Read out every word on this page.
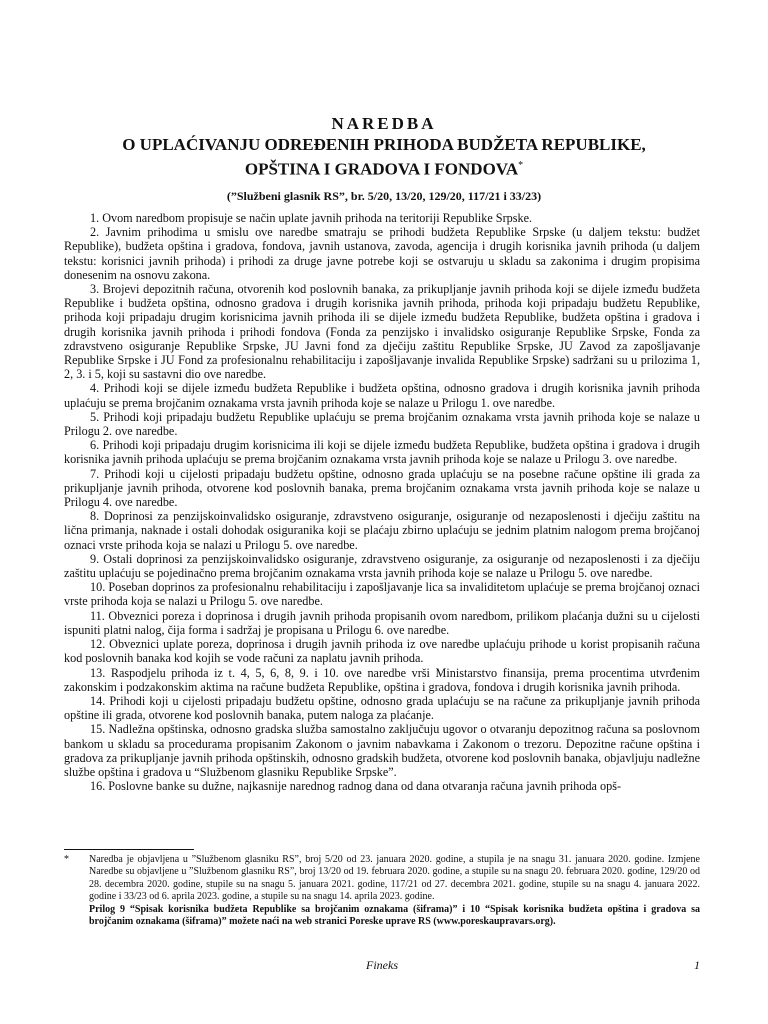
NAREDBA
O UPLAĆIVANJU ODREĐENIH PRIHODA BUDŽETA REPUBLIKE,
OPŠTINA I GRADOVA I FONDOVA*
(”Službeni glasnik RS”, br. 5/20, 13/20, 129/20, 117/21 i 33/23)

1. Ovom naredbom propisuje se način uplate javnih prihoda na teritoriji Republike Srpske.

2. Javnim prihodima u smislu ove naredbe smatraju se prihodi budžeta Republike Srpske (u daljem tekstu: budžet Republike), budžeta opština i gradova, fondova, javnih ustanova, zavoda, agencija i drugih korisnika javnih prihoda (u daljem tekstu: korisnici javnih prihoda) i prihodi za druge javne potrebe koji se ostvaruju u skladu sa zakonima i drugim propisima donesenim na osnovu zakona.

3. Brojevi depozitnih računa, otvorenih kod poslovnih banaka, za prikupljanje javnih prihoda koji se dijele između budžeta Republike i budžeta opština, odnosno gradova i drugih korisnika javnih prihoda, prihoda koji pripadaju budžetu Republike, prihoda koji pripadaju drugim korisnicima javnih prihoda ili se dijele između budžeta Republike, budžeta opština i gradova i drugih korisnika javnih prihoda i prihodi fondova (Fonda za penzijsko i invalidsko osiguranje Republike Srpske, Fonda za zdravstveno osiguranje Republike Srpske, JU Javni fond za dječiju zaštitu Republike Srpske, JU Zavod za zapošljavanje Republike Srpske i JU Fond za profesionalnu rehabilitaciju i zapošljavanje invalida Republike Srpske) sadržani su u prilozima 1, 2, 3. i 5, koji su sastavni dio ove naredbe.

4. Prihodi koji se dijele između budžeta Republike i budžeta opština, odnosno gradova i drugih korisnika javnih prihoda uplaćuju se prema brojčanim oznakama vrsta javnih prihoda koje se nalaze u Prilogu 1. ove naredbe.

5. Prihodi koji pripadaju budžetu Republike uplaćuju se prema brojčanim oznakama vrsta javnih prihoda koje se nalaze u Prilogu 2. ove naredbe.

6. Prihodi koji pripadaju drugim korisnicima ili koji se dijele između budžeta Republike, budžeta opština i gradova i drugih korisnika javnih prihoda uplaćuju se prema brojčanim oznakama vrsta javnih prihoda koje se nalaze u Prilogu 3. ove naredbe.

7. Prihodi koji u cijelosti pripadaju budžetu opštine, odnosno grada uplaćuju se na posebne račune opštine ili grada za prikupljanje javnih prihoda, otvorene kod poslovnih banaka, prema brojčanim oznakama vrsta javnih prihoda koje se nalaze u Prilogu 4. ove naredbe.

8. Doprinosi za penzijskoinvalidsko osiguranje, zdravstveno osiguranje, osiguranje od nezaposlenosti i dječiju zaštitu na lična primanja, naknade i ostali dohodak osiguranika koji se plaćaju zbirno uplaćuju se jednim platnim nalogom prema brojčanoj oznaci vrste prihoda koja se nalazi u Prilogu 5. ove naredbe.

9. Ostali doprinosi za penzijskoinvalidsko osiguranje, zdravstveno osiguranje, za osiguranje od nezaposlenosti i za dječiju zaštitu uplaćuju se pojedinačno prema brojčanim oznakama vrsta javnih prihoda koje se nalaze u Prilogu 5. ove naredbe.

10. Poseban doprinos za profesionalnu rehabilitaciju i zapošljavanje lica sa invaliditetom uplaćuje se prema brojčanoj oznaci vrste prihoda koja se nalazi u Prilogu 5. ove naredbe.

11. Obveznici poreza i doprinosa i drugih javnih prihoda propisanih ovom naredbom, prilikom plaćanja dužni su u cijelosti ispuniti platni nalog, čija forma i sadržaj je propisana u Prilogu 6. ove naredbe.

12. Obveznici uplate poreza, doprinosa i drugih javnih prihoda iz ove naredbe uplaćuju prihode u korist propisanih računa kod poslovnih banaka kod kojih se vode računi za naplatu javnih prihoda.

13. Raspodjelu prihoda iz t. 4, 5, 6, 8, 9. i 10. ove naredbe vrši Ministarstvo finansija, prema procentima utvrđenim zakonskim i podzakonskim aktima na račune budžeta Republike, opština i gradova, fondova i drugih korisnika javnih prihoda.

14. Prihodi koji u cijelosti pripadaju budžetu opštine, odnosno grada uplaćuju se na račune za prikupljanje javnih prihoda opštine ili grada, otvorene kod poslovnih banaka, putem naloga za plaćanje.

15. Nadležna opštinska, odnosno gradska služba samostalno zaključuju ugovor o otvaranju depozitnog računa sa poslovnom bankom u skladu sa procedurama propisanim Zakonom o javnim nabavkama i Zakonom o trezoru. Depozitne račune opština i gradova za prikupljanje javnih prihoda opštinskih, odnosno gradskih budžeta, otvorene kod poslovnih banaka, objavljuju nadležne službe opština i gradova u “Službenom glasniku Republike Srpske”.

16. Poslovne banke su dužne, najkasnije narednog radnog dana od dana otvaranja računa javnih prihoda opš-

*	Naredba je objavljena u ”Službenom glasniku RS”, broj 5/20 od 23. januara 2020. godine, a stupila je na snagu 31. januara 2020. godine. Izmjene Naredbe su objavljene u ”Službenom glasniku RS”, broj 13/20 od 19. februara 2020. godine, a stupile su na snagu 20. februara 2020. godine, 129/20 od 28. decembra 2020. godine, stupile su na snagu 5. januara 2021. godine, 117/21 od 27. decembra 2021. godine, stupile su na snagu 4. januara 2022. godine i 33/23 od 6. aprila 2023. godine, a stupile su na snagu 14. aprila 2023. godine.
Prilog 9 “Spisak korisnika budžeta Republike sa brojčanim oznakama (šiframa)” i 10 “Spisak korisnika budžeta opština i gradova sa brojčanim oznakama (šiframa)” možete naći na web stranici Poreske uprave RS (www.poreskaupravars.org).
Fineks	1
